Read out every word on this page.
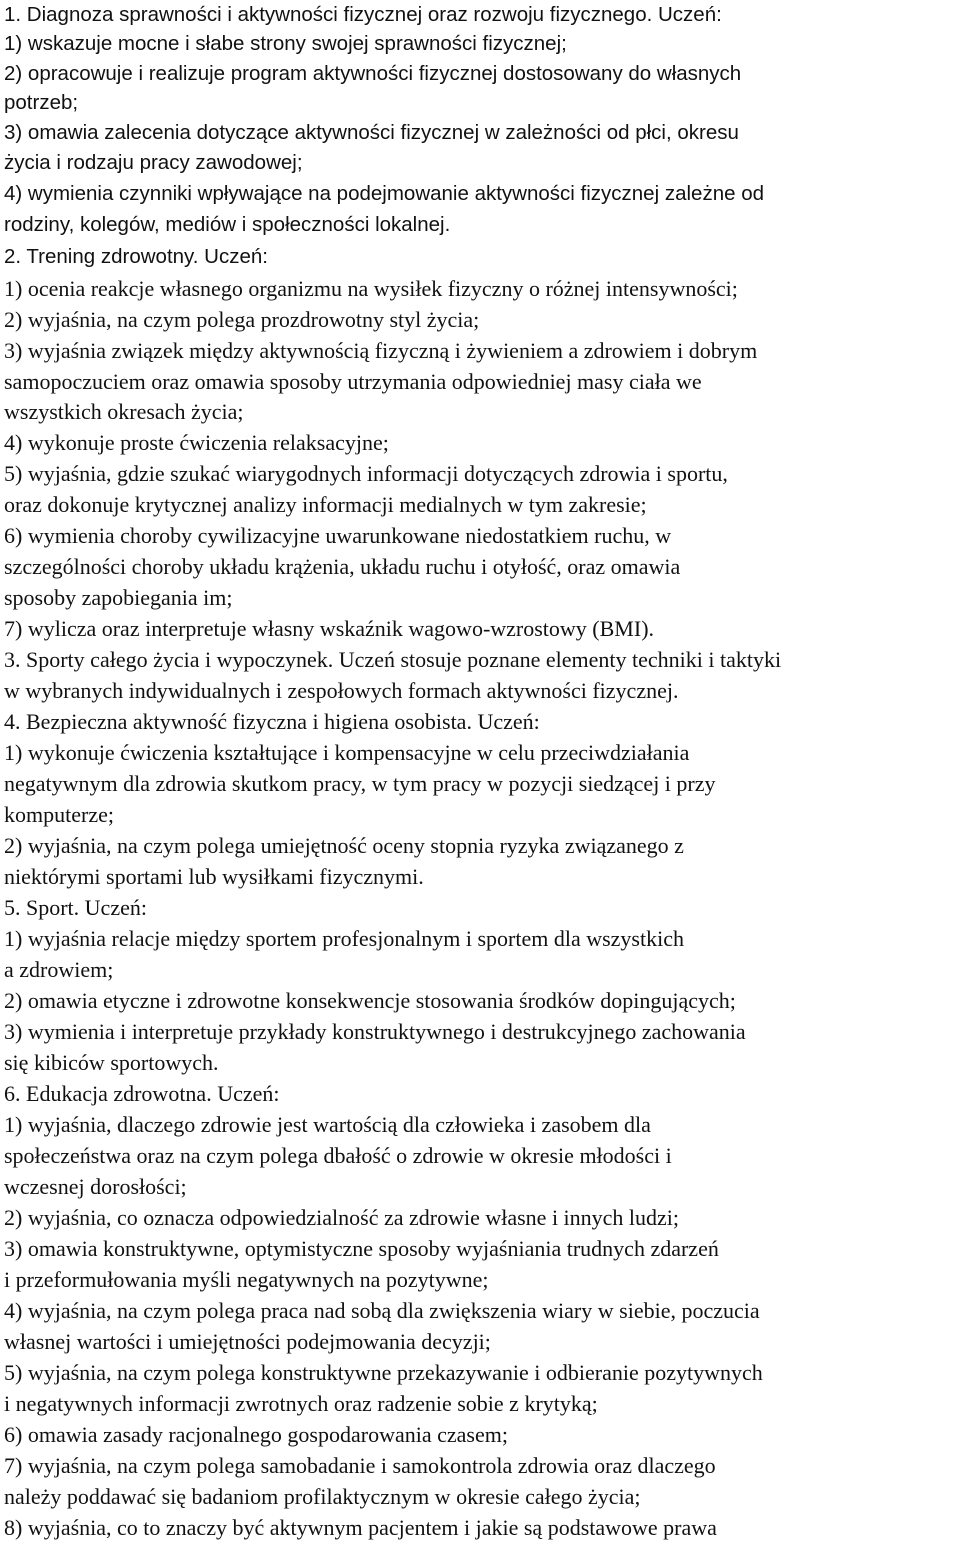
1. Diagnoza sprawności i aktywności fizycznej oraz rozwoju fizycznego. Uczeń:
1) wskazuje mocne i słabe strony swojej sprawności fizycznej;
2) opracowuje i realizuje program aktywności fizycznej dostosowany do własnych
potrzeb;
3) omawia zalecenia dotyczące aktywności fizycznej w zależności od płci, okresu
życia i rodzaju pracy zawodowej;
4) wymienia czynniki wpływające na podejmowanie aktywności fizycznej zależne od
rodziny, kolegów, mediów i społeczności lokalnej.
2. Trening zdrowotny. Uczeń:
1) ocenia reakcje własnego organizmu na wysiłek fizyczny o różnej intensywności;
2) wyjaśnia, na czym polega prozdrowotny styl życia;
3) wyjaśnia związek między aktywnością fizyczną i żywieniem a zdrowiem i dobrym
samopoczuciem oraz omawia sposoby utrzymania odpowiedniej masy ciała we
wszystkich okresach życia;
4) wykonuje proste ćwiczenia relaksacyjne;
5) wyjaśnia, gdzie szukać wiarygodnych informacji dotyczących zdrowia i sportu,
oraz dokonuje krytycznej analizy informacji medialnych w tym zakresie;
6) wymienia choroby cywilizacyjne uwarunkowane niedostatkiem ruchu, w
szczególności choroby układu krążenia, układu ruchu i otyłość, oraz omawia
sposoby zapobiegania im;
7) wylicza oraz interpretuje własny wskaźnik wagowo-wzrostowy (BMI).
3. Sporty całego życia i wypoczynek. Uczeń stosuje poznane elementy techniki i taktyki
w wybranych indywidualnych i zespołowych formach aktywności fizycznej.
4. Bezpieczna aktywność fizyczna i higiena osobista. Uczeń:
1) wykonuje ćwiczenia kształtujące i kompensacyjne w celu przeciwdziałania
negatywnym dla zdrowia skutkom pracy, w tym pracy w pozycji siedzącej i przy
komputerze;
2) wyjaśnia, na czym polega umiejętność oceny stopnia ryzyka związanego z
niektórymi sportami lub wysiłkami fizycznymi.
5. Sport. Uczeń:
1) wyjaśnia relacje między sportem profesjonalnym i sportem dla wszystkich
a zdrowiem;
2) omawia etyczne i zdrowotne konsekwencje stosowania środków dopingujących;
3) wymienia i interpretuje przykłady konstruktywnego i destrukcyjnego zachowania
się kibiców sportowych.
6. Edukacja zdrowotna. Uczeń:
1) wyjaśnia, dlaczego zdrowie jest wartością dla człowieka i zasobem dla
społeczeństwa oraz na czym polega dbałość o zdrowie w okresie młodości i
wczesnej dorosłości;
2) wyjaśnia, co oznacza odpowiedzialność za zdrowie własne i innych ludzi;
3) omawia konstruktywne, optymistyczne sposoby wyjaśniania trudnych zdarzeń
i przeformułowania myśli negatywnych na pozytywne;
4) wyjaśnia, na czym polega praca nad sobą dla zwiększenia wiary w siebie, poczucia
własnej wartości i umiejętności podejmowania decyzji;
5) wyjaśnia, na czym polega konstruktywne przekazywanie i odbieranie pozytywnych
i negatywnych informacji zwrotnych oraz radzenie sobie z krytyką;
6) omawia zasady racjonalnego gospodarowania czasem;
7) wyjaśnia, na czym polega samobadanie i samokontrola zdrowia oraz dlaczego
należy poddawać się badaniom profilaktycznym w okresie całego życia;
8) wyjaśnia, co to znaczy być aktywnym pacjentem i jakie są podstawowe prawa
